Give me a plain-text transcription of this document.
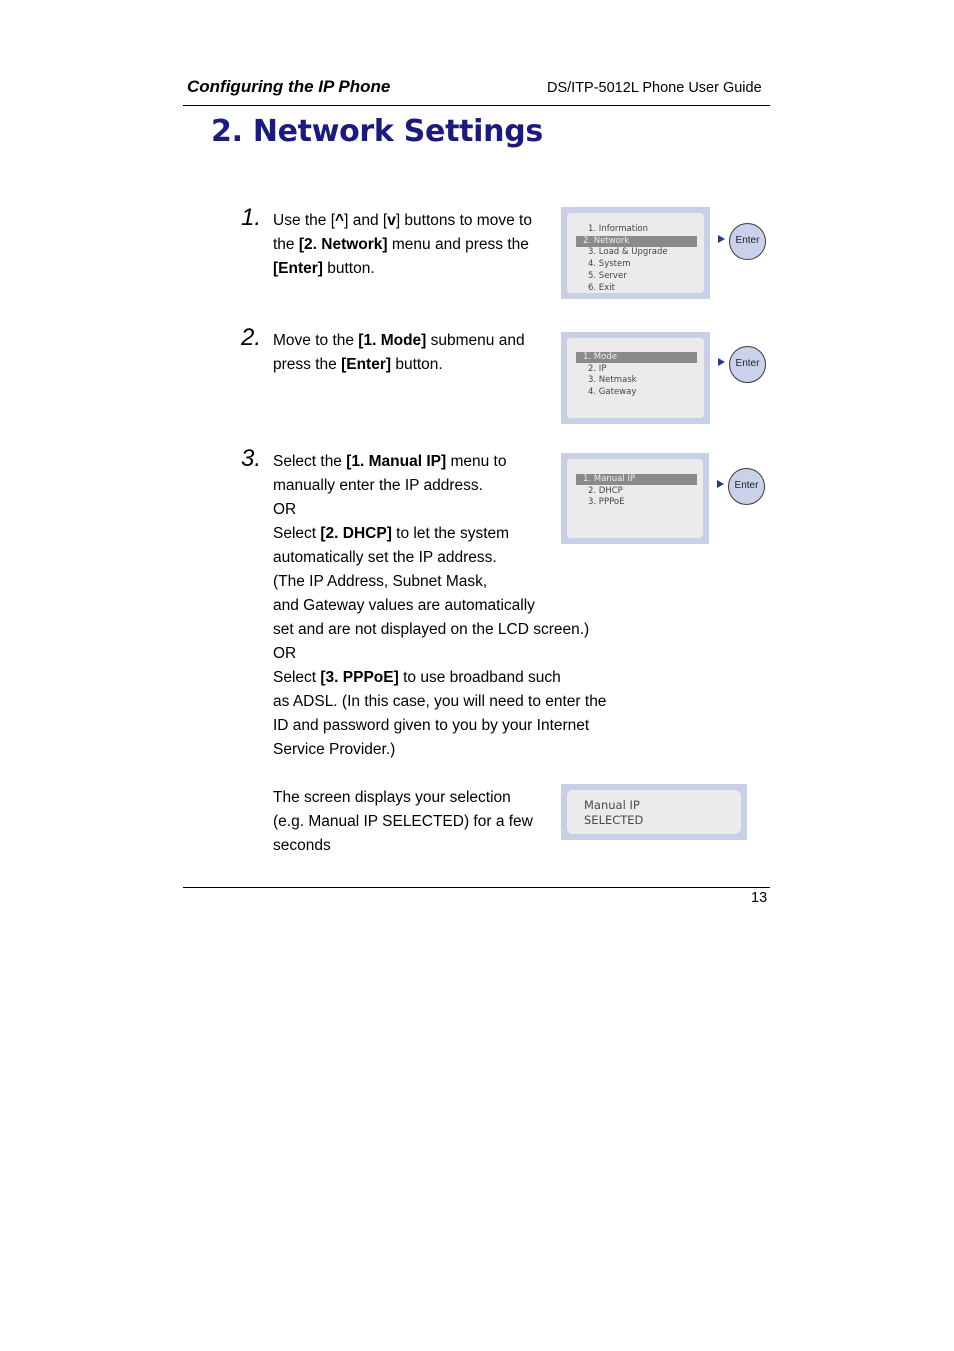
Configuring the IP Phone	DS/ITP-5012L Phone User Guide
2. Network Settings
1. Use the [^] and [v] buttons to move to
the [2. Network] menu and press the
[Enter] button.
1. Information
2. Network
3. Load & Upgrade
4. System
5. Server
6. Exit
Enter
2. Move to the [1. Mode] submenu and
press the [Enter] button.	1. Mode
2. IP
3. Netmask
4. Gateway
Enter
3. Select the [1. Manual IP] menu to
manually enter the IP address.
OR
Select [2. DHCP] to let the system
automatically set the IP address.
(The IP Address, Subnet Mask,
and Gateway values are automatically
set and are not displayed on the LCD screen.)
OR
Select [3. PPPoE] to use broadband such
as ADSL. (In this case, you will need to enter the
ID and password given to you by your Internet
Service Provider.)
1. Manual IP
2. DHCP
3. PPPoE
Enter
The screen displays your selection
(e.g. Manual IP SELECTED) for a few
seconds
Manual IP
SELECTED
13
